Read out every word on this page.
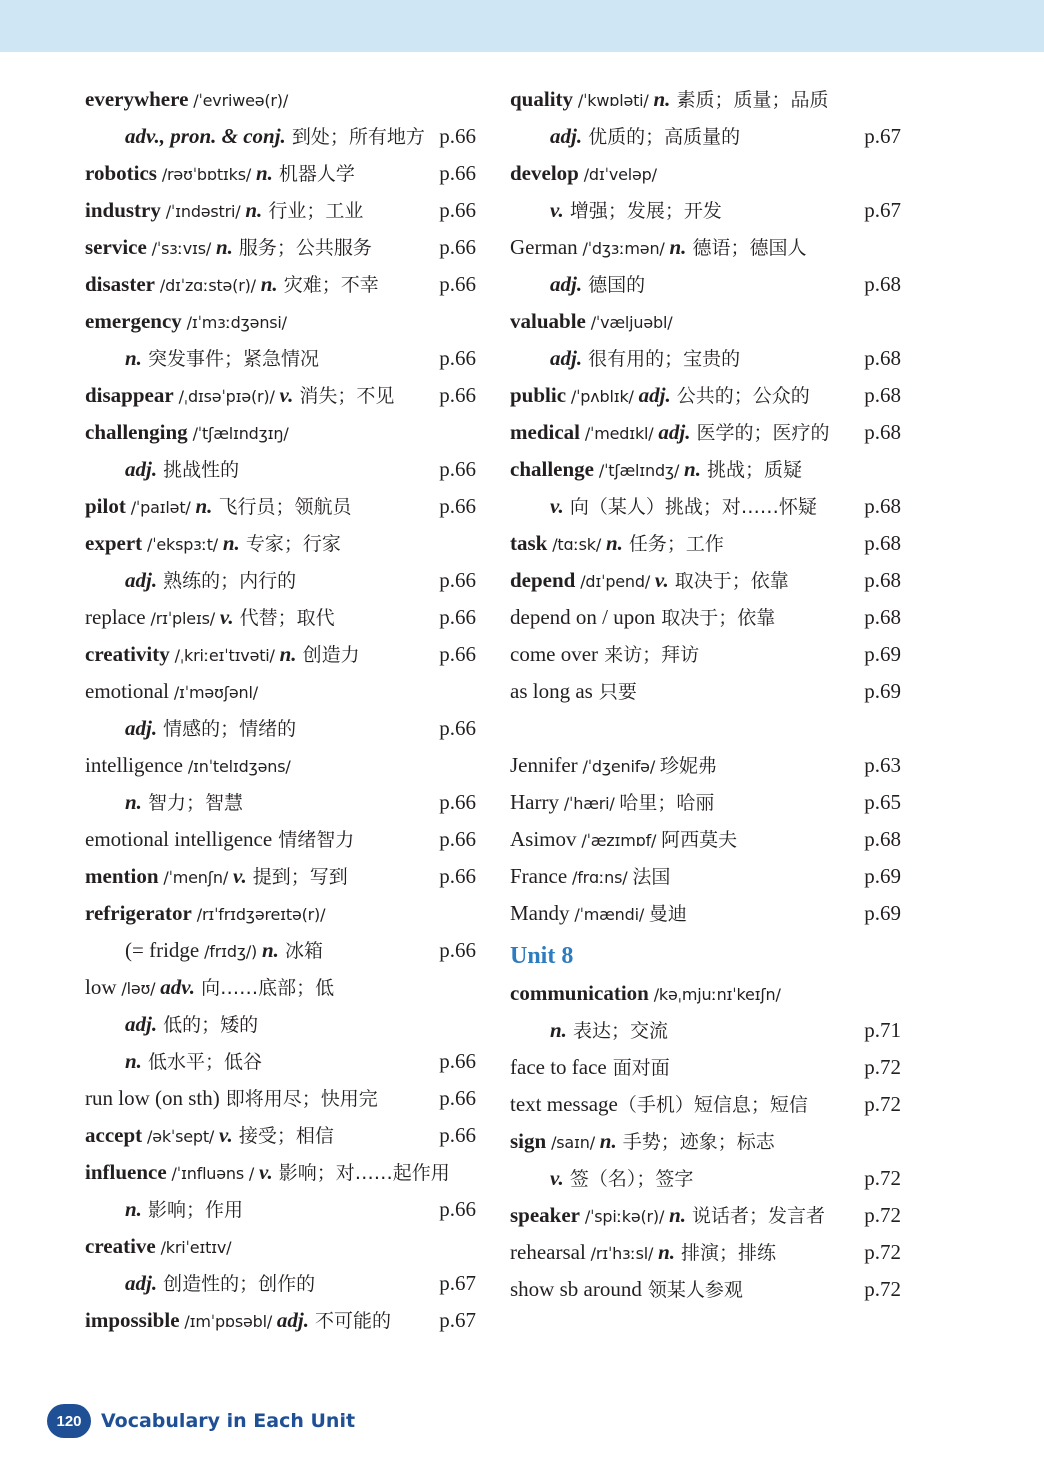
everywhere /ˈevriweə(r)/
adv., pron. & conj. 到处；所有地方 p.66
robotics /rəʊˈbɒtɪks/ n. 机器人学	p.66
industry /ˈɪndəstri/ n. 行业；工业	p.66
service /ˈsɜːvɪs/ n. 服务；公共服务	p.66
disaster /dɪˈzɑːstə(r)/ n. 灾难；不幸	p.66
emergency /ɪˈmɜːdʒənsi/
n. 突发事件；紧急情况	p.66
disappear /ˌdɪsəˈpɪə(r)/ v. 消失；不见 p.66
challenging /ˈtʃælɪndʒɪŋ/
adj. 挑战性的	p.66
pilot /ˈpaɪlət/ n. 飞行员；领航员	p.66
expert /ˈekspɜːt/ n. 专家；行家
adj. 熟练的；内行的	p.66
replace /rɪˈpleɪs/ v. 代替；取代	p.66
creativity /ˌkriːeɪˈtɪvəti/ n. 创造力	p.66
emotional /ɪˈməʊʃənl/
adj. 情感的；情绪的	p.66
intelligence /ɪnˈtelɪdʒəns/
n. 智力；智慧	p.66
emotional intelligence 情绪智力	p.66
mention /ˈmenʃn/ v. 提到；写到	p.66
refrigerator /rɪˈfrɪdʒəreɪtə(r)/
(= fridge /frɪdʒ/) n. 冰箱	p.66
low /ləʊ/ adv. 向……底部；低
adj. 低的；矮的
n. 低水平；低谷	p.66
run low (on sth) 即将用尽；快用完	p.66
accept /əkˈsept/ v. 接受；相信	p.66
influence /ˈɪnfluəns / v. 影响；对……起作用
n. 影响；作用	p.66
creative /kriˈeɪtɪv/
adj. 创造性的；创作的	p.67
impossible /ɪmˈpɒsəbl/ adj. 不可能的 p.67
quality /ˈkwɒləti/ n. 素质；质量；品质
adj. 优质的；高质量的	p.67
develop /dɪˈveləp/
v. 增强；发展；开发	p.67
German /ˈdʒɜːmən/ n. 德语；德国人
adj. 德国的	p.68
valuable /ˈvæljuəbl/
adj. 很有用的；宝贵的	p.68
public /ˈpʌblɪk/ adj. 公共的；公众的	p.68
medical /ˈmedɪkl/ adj. 医学的；医疗的 p.68
challenge /ˈtʃælɪndʒ/ n. 挑战；质疑
v. 向（某人）挑战；对……怀疑 p.68
task /tɑːsk/ n. 任务；工作	p.68
depend /dɪˈpend/ v. 取决于；依靠	p.68
depend on / upon 取决于；依靠	p.68
come over 来访；拜访	p.69
as long as 只要	p.69
Jennifer /ˈdʒenifə/ 珍妮弗	p.63
Harry /ˈhæri/ 哈里；哈丽	p.65
Asimov /ˈæzɪmɒf/ 阿西莫夫	p.68
France /frɑːns/ 法国	p.69
Mandy /ˈmændi/ 曼迪	p.69
Unit 8
communication /kəˌmjuːnɪˈkeɪʃn/
n. 表达；交流	p.71
face to face 面对面	p.72
text message（手机）短信息；短信	p.72
sign /saɪn/ n. 手势；迹象；标志
v. 签（名）；签字	p.72
speaker /ˈspiːkə(r)/ n. 说话者；发言者 p.72
rehearsal /rɪˈhɜːsl/ n. 排演；排练	p.72
show sb around 领某人参观	p.72
120	Vocabulary in Each Unit
